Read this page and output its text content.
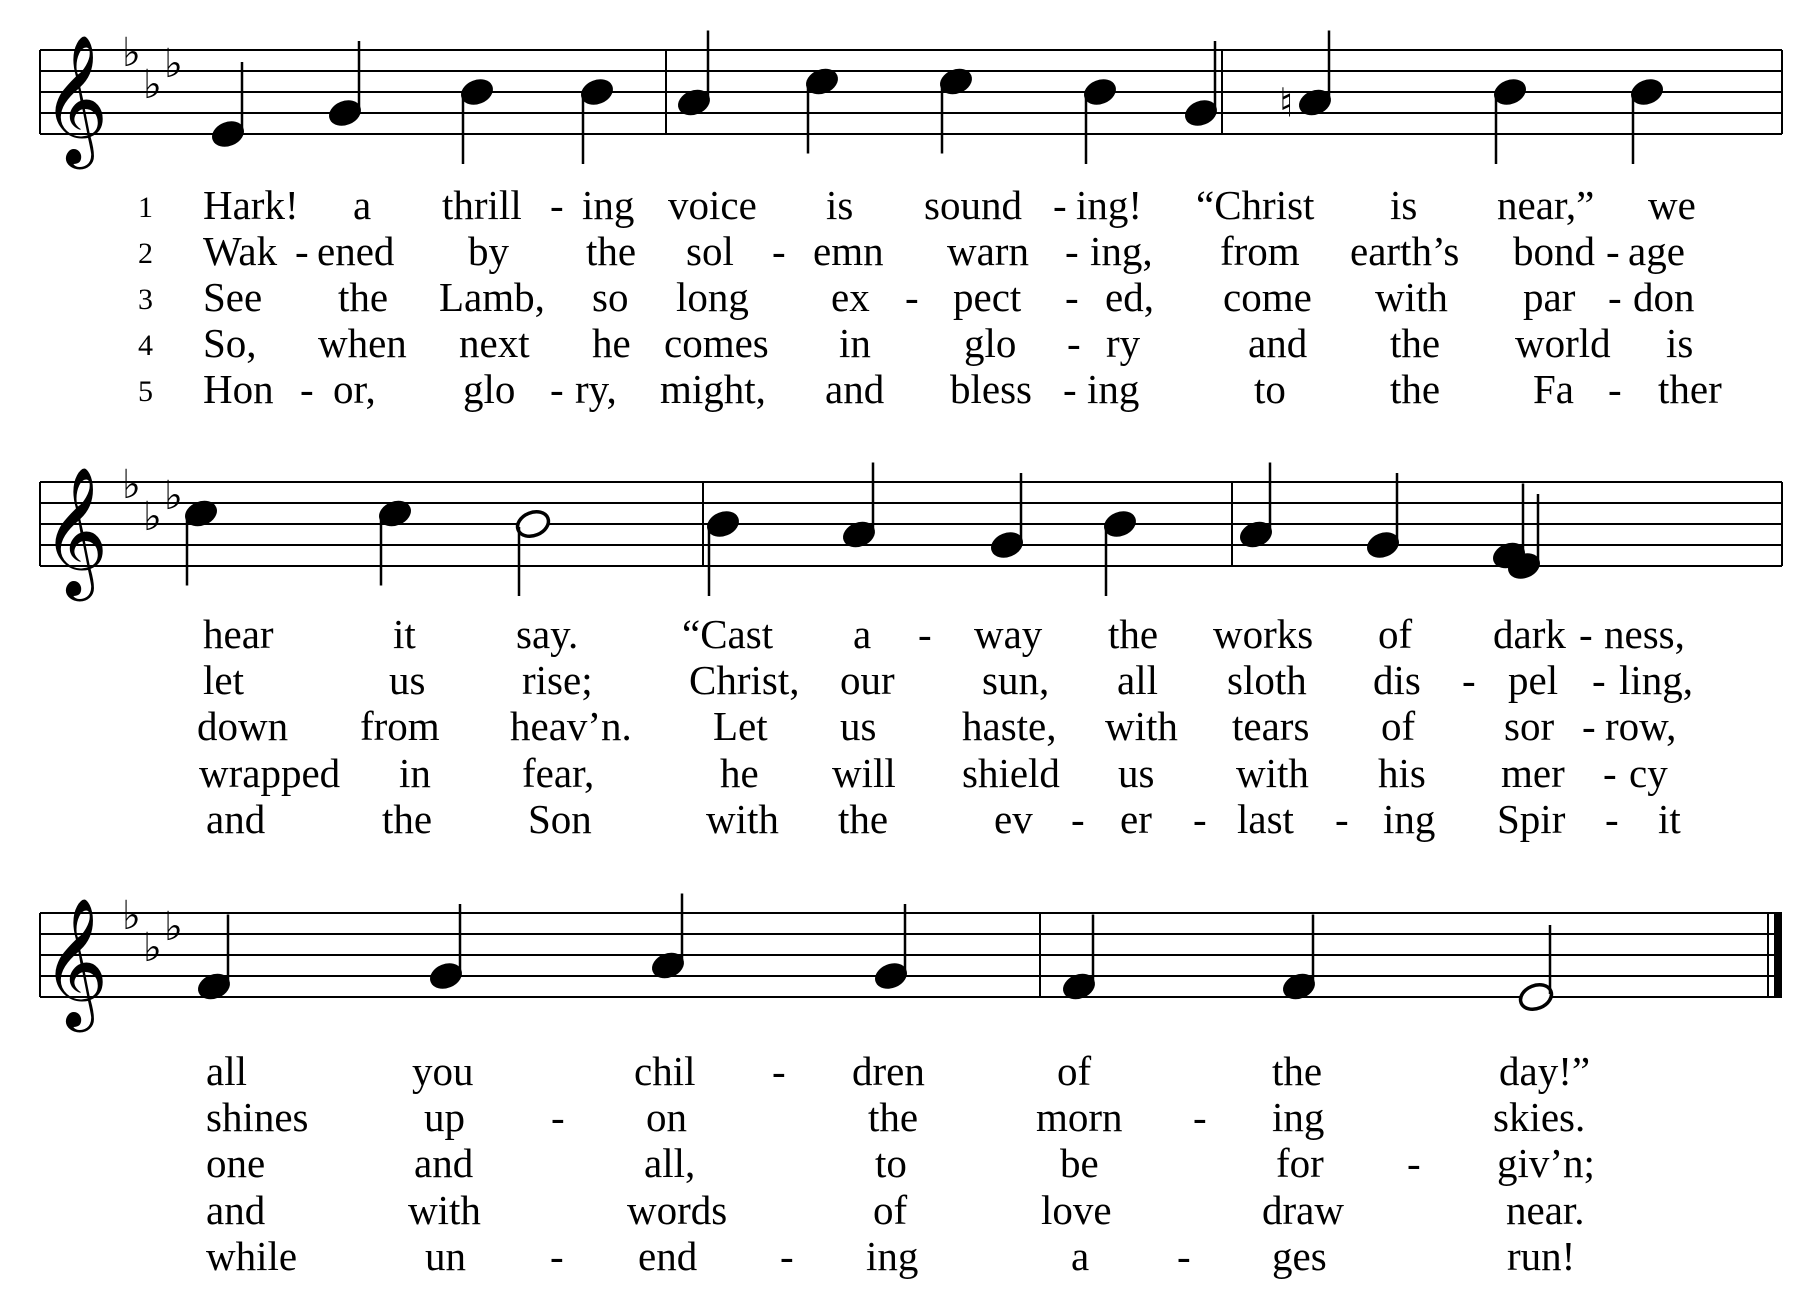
𝄞 ♭
♭ ♭
♮
1
2
3
4
5
Hark! a thrill - ing voice is sound - ing! “Christ is near,” we
Wak - ened by the sol - emn warn - ing, from earth’s bond - age
See the Lamb, so long ex - pect - ed, come with par - don
So, when next he comes in glo - ry	and the world is
Hon - or, glo - ry, might, and bless - ing	to	the Fa - ther
𝄞 ♭
♭ ♭
hear	it say.	“Cast a - way the works of dark - ness,
let	us rise; Christ, our sun, all sloth dis - pel - ling,
down from heav’n. Let us haste, with tears of sor - row,
wrapped in fear,	he will shield us with his mer - cy
and	the Son	with the	ev - er - last - ing Spir - it
𝄞 ♭
♭ ♭
all	you	chil - dren	of	the	day!”
shines	up - on	the	morn - ing	skies.
one	and	all,	to	be	for - giv’n;
and	with	words	of	love	draw	near.
while	un - end - ing	a - ges	run!
